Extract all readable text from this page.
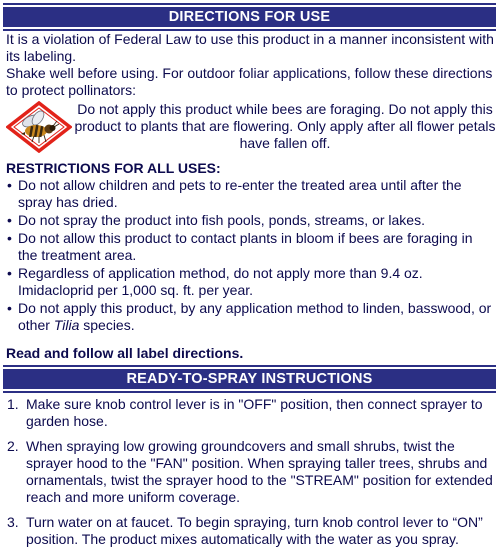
DIRECTIONS FOR USE
It is a violation of Federal Law to use this product in a manner inconsistent with its labeling.
Shake well before using. For outdoor foliar applications, follow these directions to protect pollinators:
Do not apply this product while bees are foraging. Do not apply this product to plants that are flowering. Only apply after all flower petals have fallen off.
RESTRICTIONS FOR ALL USES:
• Do not allow children and pets to re-enter the treated area until after the spray has dried.
• Do not spray the product into fish pools, ponds, streams, or lakes.
• Do not allow this product to contact plants in bloom if bees are foraging in the treatment area.
• Regardless of application method, do not apply more than 9.4 oz. Imidacloprid per 1,000 sq. ft. per year.
• Do not apply this product, by any application method to linden, basswood, or other Tilia species.
Read and follow all label directions.
READY-TO-SPRAY INSTRUCTIONS
1. Make sure knob control lever is in "OFF" position, then connect sprayer to garden hose.
2. When spraying low growing groundcovers and small shrubs, twist the sprayer hood to the "FAN" position. When spraying taller trees, shrubs and ornamentals, twist the sprayer hood to the "STREAM" position for extended reach and more uniform coverage.
3. Turn water on at faucet. To begin spraying, turn knob control lever to “ON” position. The product mixes automatically with the water as you spray.
